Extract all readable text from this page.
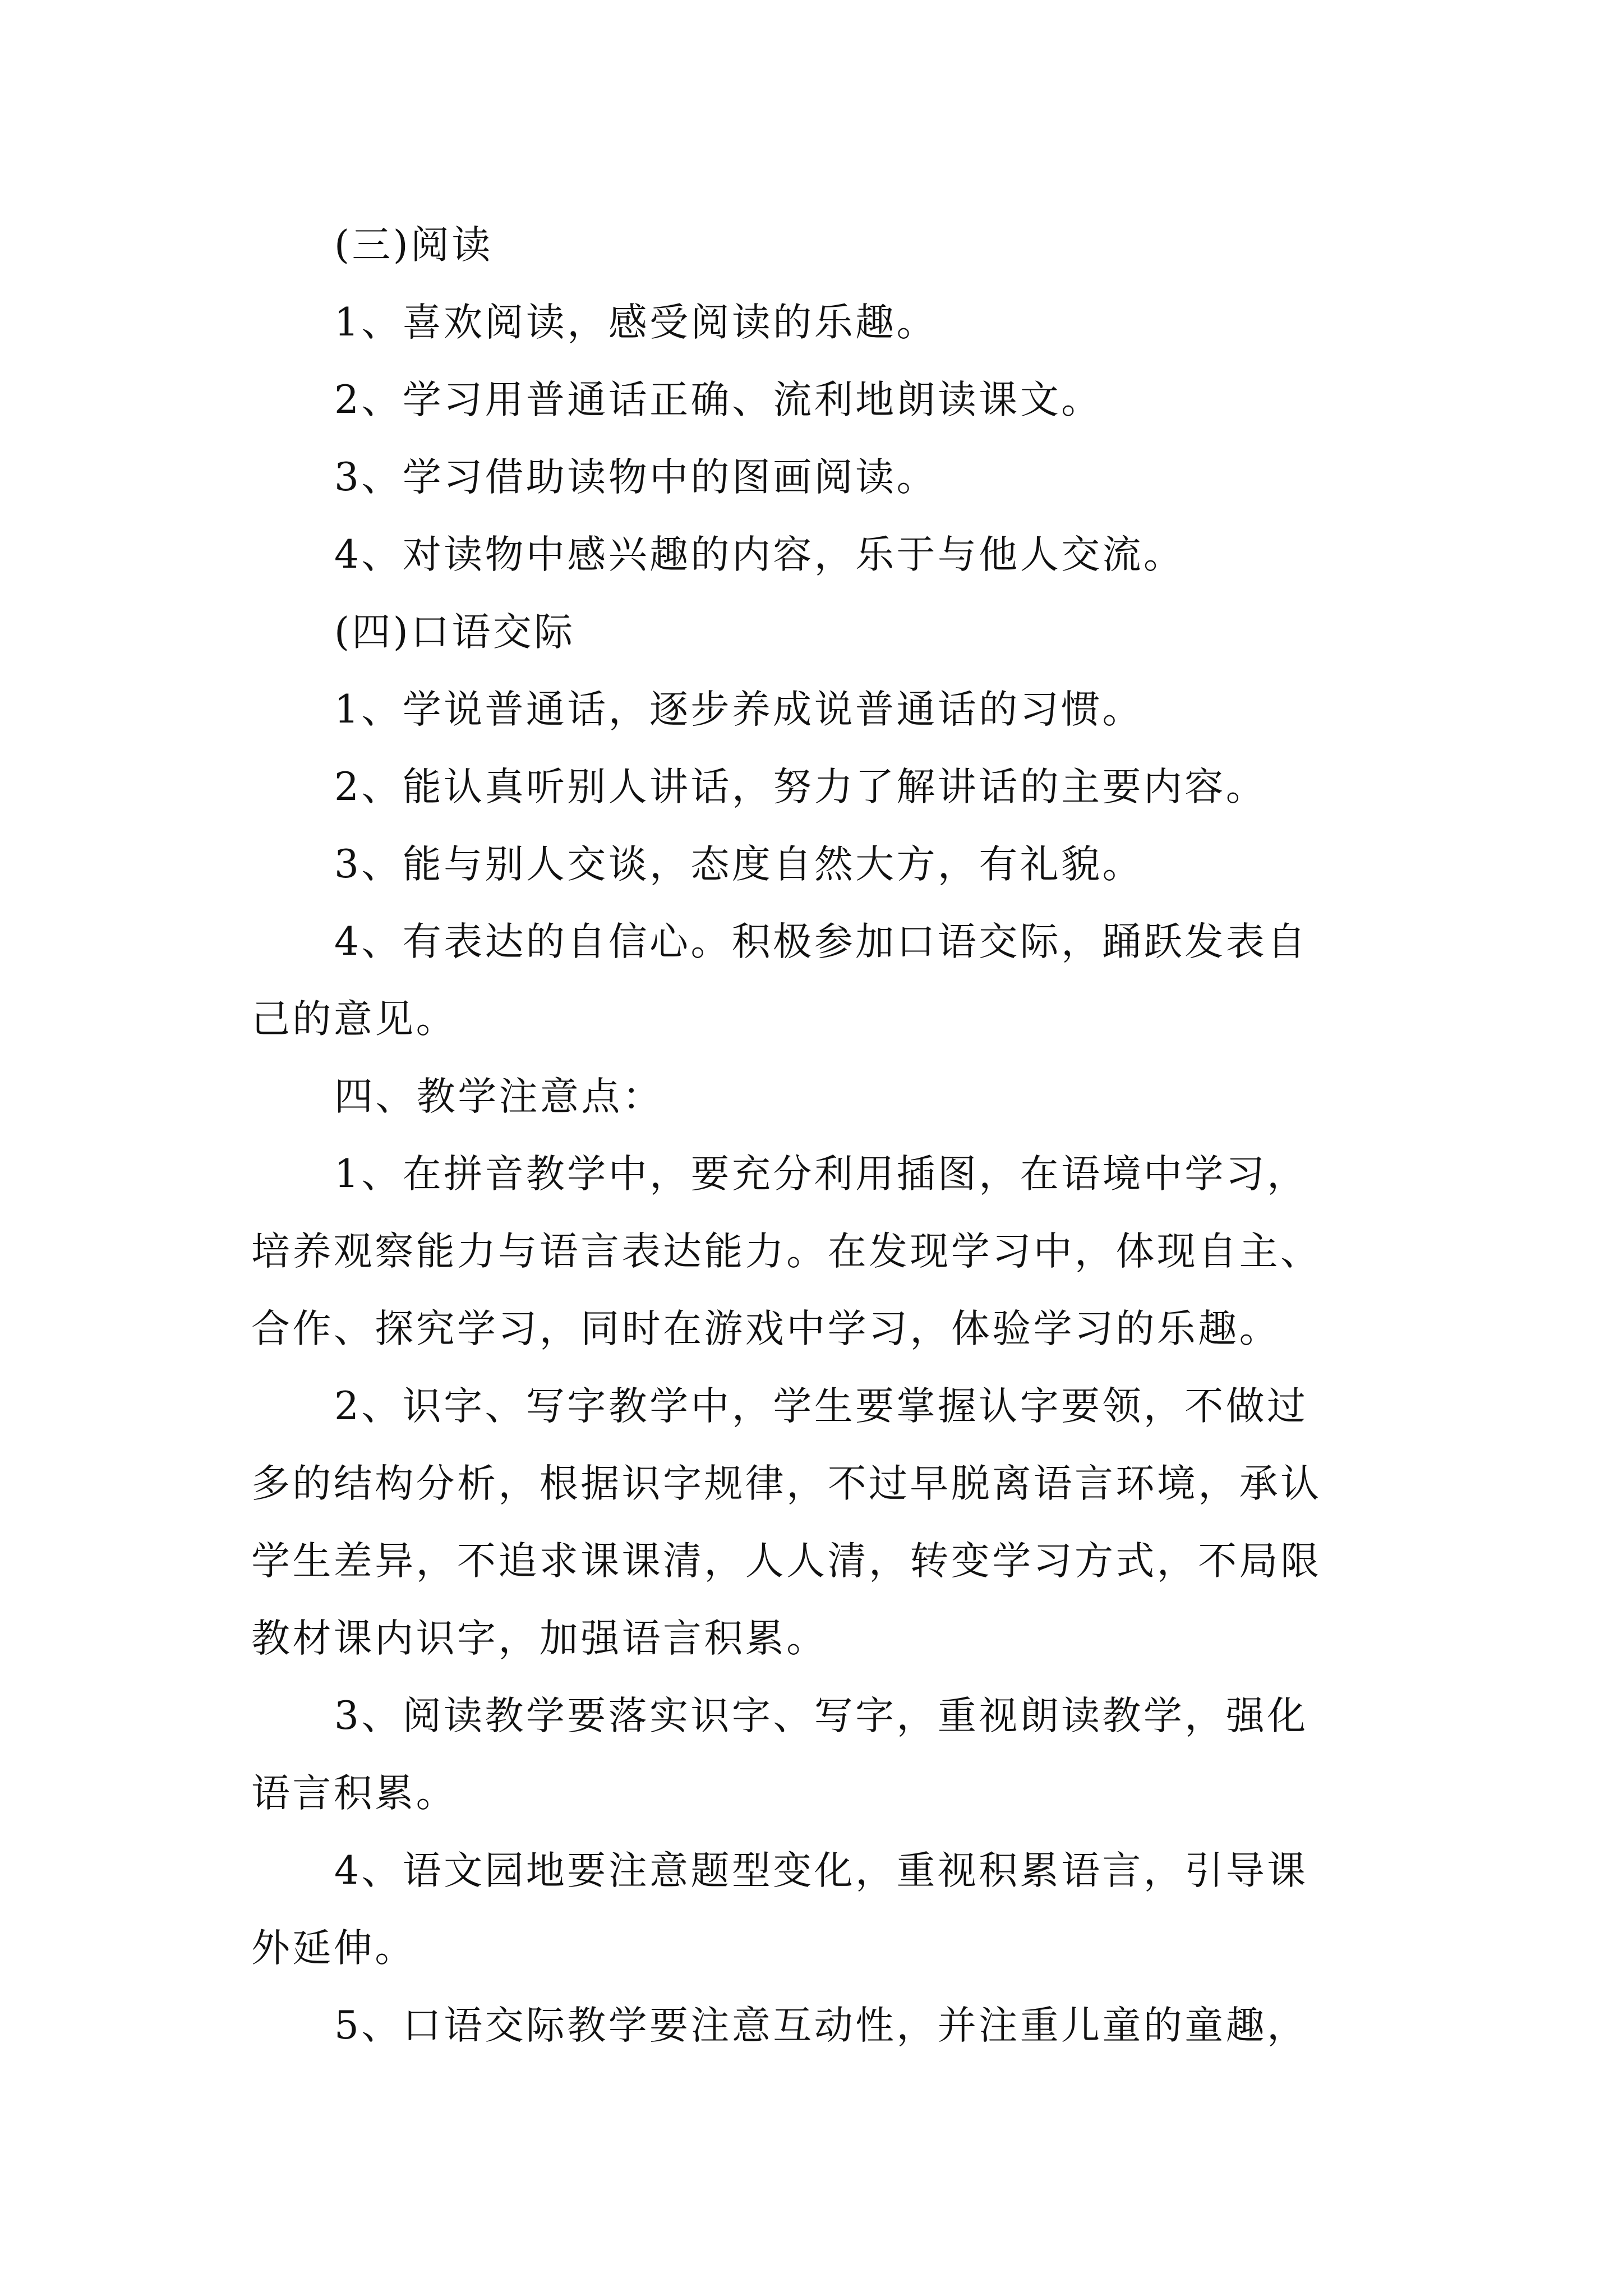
(三)阅读
1、喜欢阅读，感受阅读的乐趣。
2、学习用普通话正确、流利地朗读课文。
3、学习借助读物中的图画阅读。
4、对读物中感兴趣的内容，乐于与他人交流。
(四)口语交际
1、学说普通话，逐步养成说普通话的习惯。
2、能认真听别人讲话，努力了解讲话的主要内容。
3、能与别人交谈，态度自然大方，有礼貌。
4、有表达的自信心。积极参加口语交际，踊跃发表自
己的意见。
四、教学注意点：
1、在拼音教学中，要充分利用插图，在语境中学习，
培养观察能力与语言表达能力。在发现学习中，体现自主、
合作、探究学习，同时在游戏中学习，体验学习的乐趣。
2、识字、写字教学中，学生要掌握认字要领，不做过
多的结构分析，根据识字规律，不过早脱离语言环境，承认
学生差异，不追求课课清，人人清，转变学习方式，不局限
教材课内识字，加强语言积累。
3、阅读教学要落实识字、写字，重视朗读教学，强化
语言积累。
4、语文园地要注意题型变化，重视积累语言，引导课
外延伸。
5、口语交际教学要注意互动性，并注重儿童的童趣，
